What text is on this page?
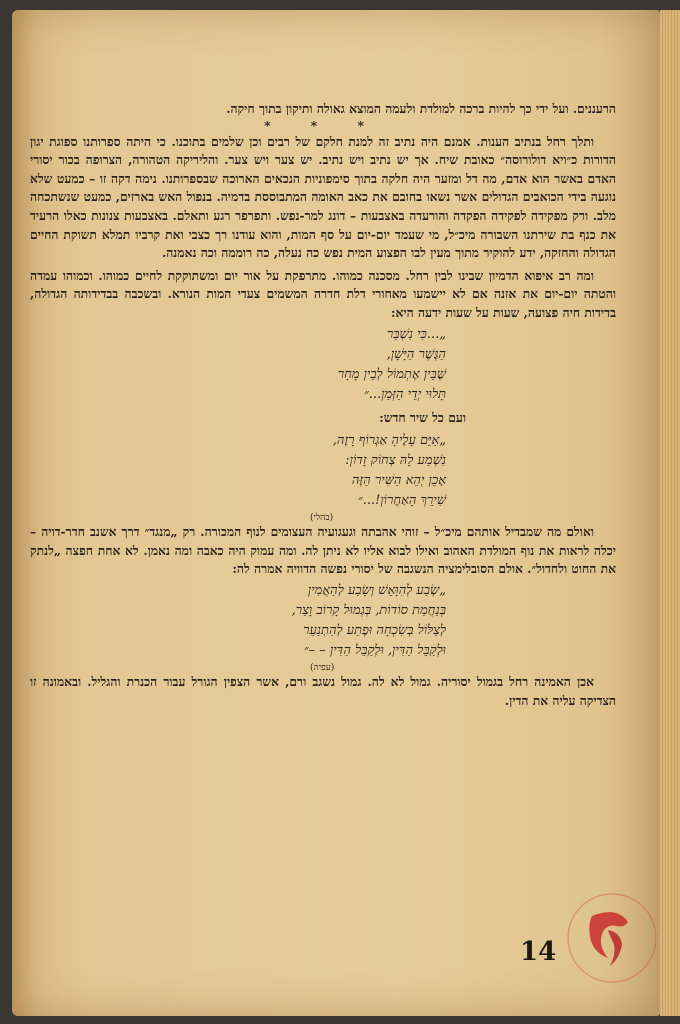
הרעננים. ועל ידי כך להיות ברכה למולדת ולעמה המוצא גאולה ותיקון בתוך חיקה.

* * *

ותלך רחל בנתיב הענות. אמנם היה נתיב זה למנת חלקם של רבים וכן שלמים בתוכנו. כי היתה ספרותנו ספוגת יגון הדורות כ״ויא דולורוסה״ כאובת שיח. אך יש נתיב ויש נתיב. יש צער ויש צער. והליריקה הטהורה, הצרופה בכור יסורי האדם באשר הוא אדם, מה דל ומזער היה חלקה בתוך סימפוניות הנכאים הארוכה שבספרותנו. נימה דקה זו – כמעט שלא נוגעה בידי הכואבים הגדולים אשר נשאו בחובם את כאב האומה המתבוססת בדמיה. בנפול האש בארזים, כמעט שנשתכחה מלב. ורק מפקידה לפקידה הפקדה והורעדה באצבעות – דונג למר-נפש. ותפרפר רגע ותאלם. באצבעות צנונות כאלו הרעיד את כנף בת שירתנו השבורה מיכ״ל, מי שעמד יום-יום על סף המות, והוא עודנו רך כצבי ואת קרביו תמלא תשוקת החיים הגדולה והחזקה, ידע להוקיר מתוך מעין לבו הפצוע המית נפש כה נעלה, כה רוממה וכה נאמנה.

ומה רב איפוא הדמיון שבינו לבין רחל. מסכנה כמוהו. מתרפקת על אור יום ומשתוקקת לחיים כמוהו. וכמוהו עמדה והטתה יום-יום את אזנה אם לא יישמעו מאחורי דלת חדרה המשמים צעדי המות הנורא. ובשכבה בבדידותה הגדולה, בדידות חיה פצועה, שעות על שעות ידעה היא:

„...כִּי נִשְׁבַּר

הַגֶּשֶׁר הַיָּשָׁן,

שֶׁבֵּין אֶתְמוֹל לְבֵין מָחָר

תָּלוּי יְדֵי הַזְּמַן...״

ועם כל שיר חדש:

„אַיֵּם עָלֶיהָ אַגְרוֹף רָזֶה,

נִשְׁמַע לָהּ צְחוֹק זָדוֹן:

אָכֵן יְהֵא הַשִּׁיר הַזֶּה

שִׁירֵךְ הָאַחֲרוֹן!...״

(בהלי)

ואולם מה שמבדיל אותהם מיכ״ל – זוהי אהבתה וגעגועיה העצומים לנוף המכורה. רק „מנגד״ דרך אשנב חדר-דויה – יכלה לראות את נוף המולדת האהוב ואילו לבוא אליו לא ניתן לה. ומה עמוק היה כאבה ומה נאמן. לא אחת חפצה „לנתק את החוט ולחדול״. אולם הסובלימציה הנשגבה של יסורי נפשה הדוויה אמרה לה:

„שְׂבַע לְהִוָּאֵשׁ וְשָׂבַע לְהַאֲמִין

בְּנַחֲמַת סוֹדוֹת, בְּגְמוּל קָרוֹב וָצַר,

לְצַלּוֹל בְּשִׂכְחָה וּפֶתַע לְהִתְנַעֵר

וּלְקַבֵּל הַדִּין, וּלְקַבֵּל הַדִּין – –״

(עפיה)

אכן האמינה רחל בגמול יסוריה. גמול לא לה. גמול נשגב ורם, אשר הצפין הגורל עבור הכנרת והגליל. ובאמונה זו הצדיקה עליה את הדין.

14
